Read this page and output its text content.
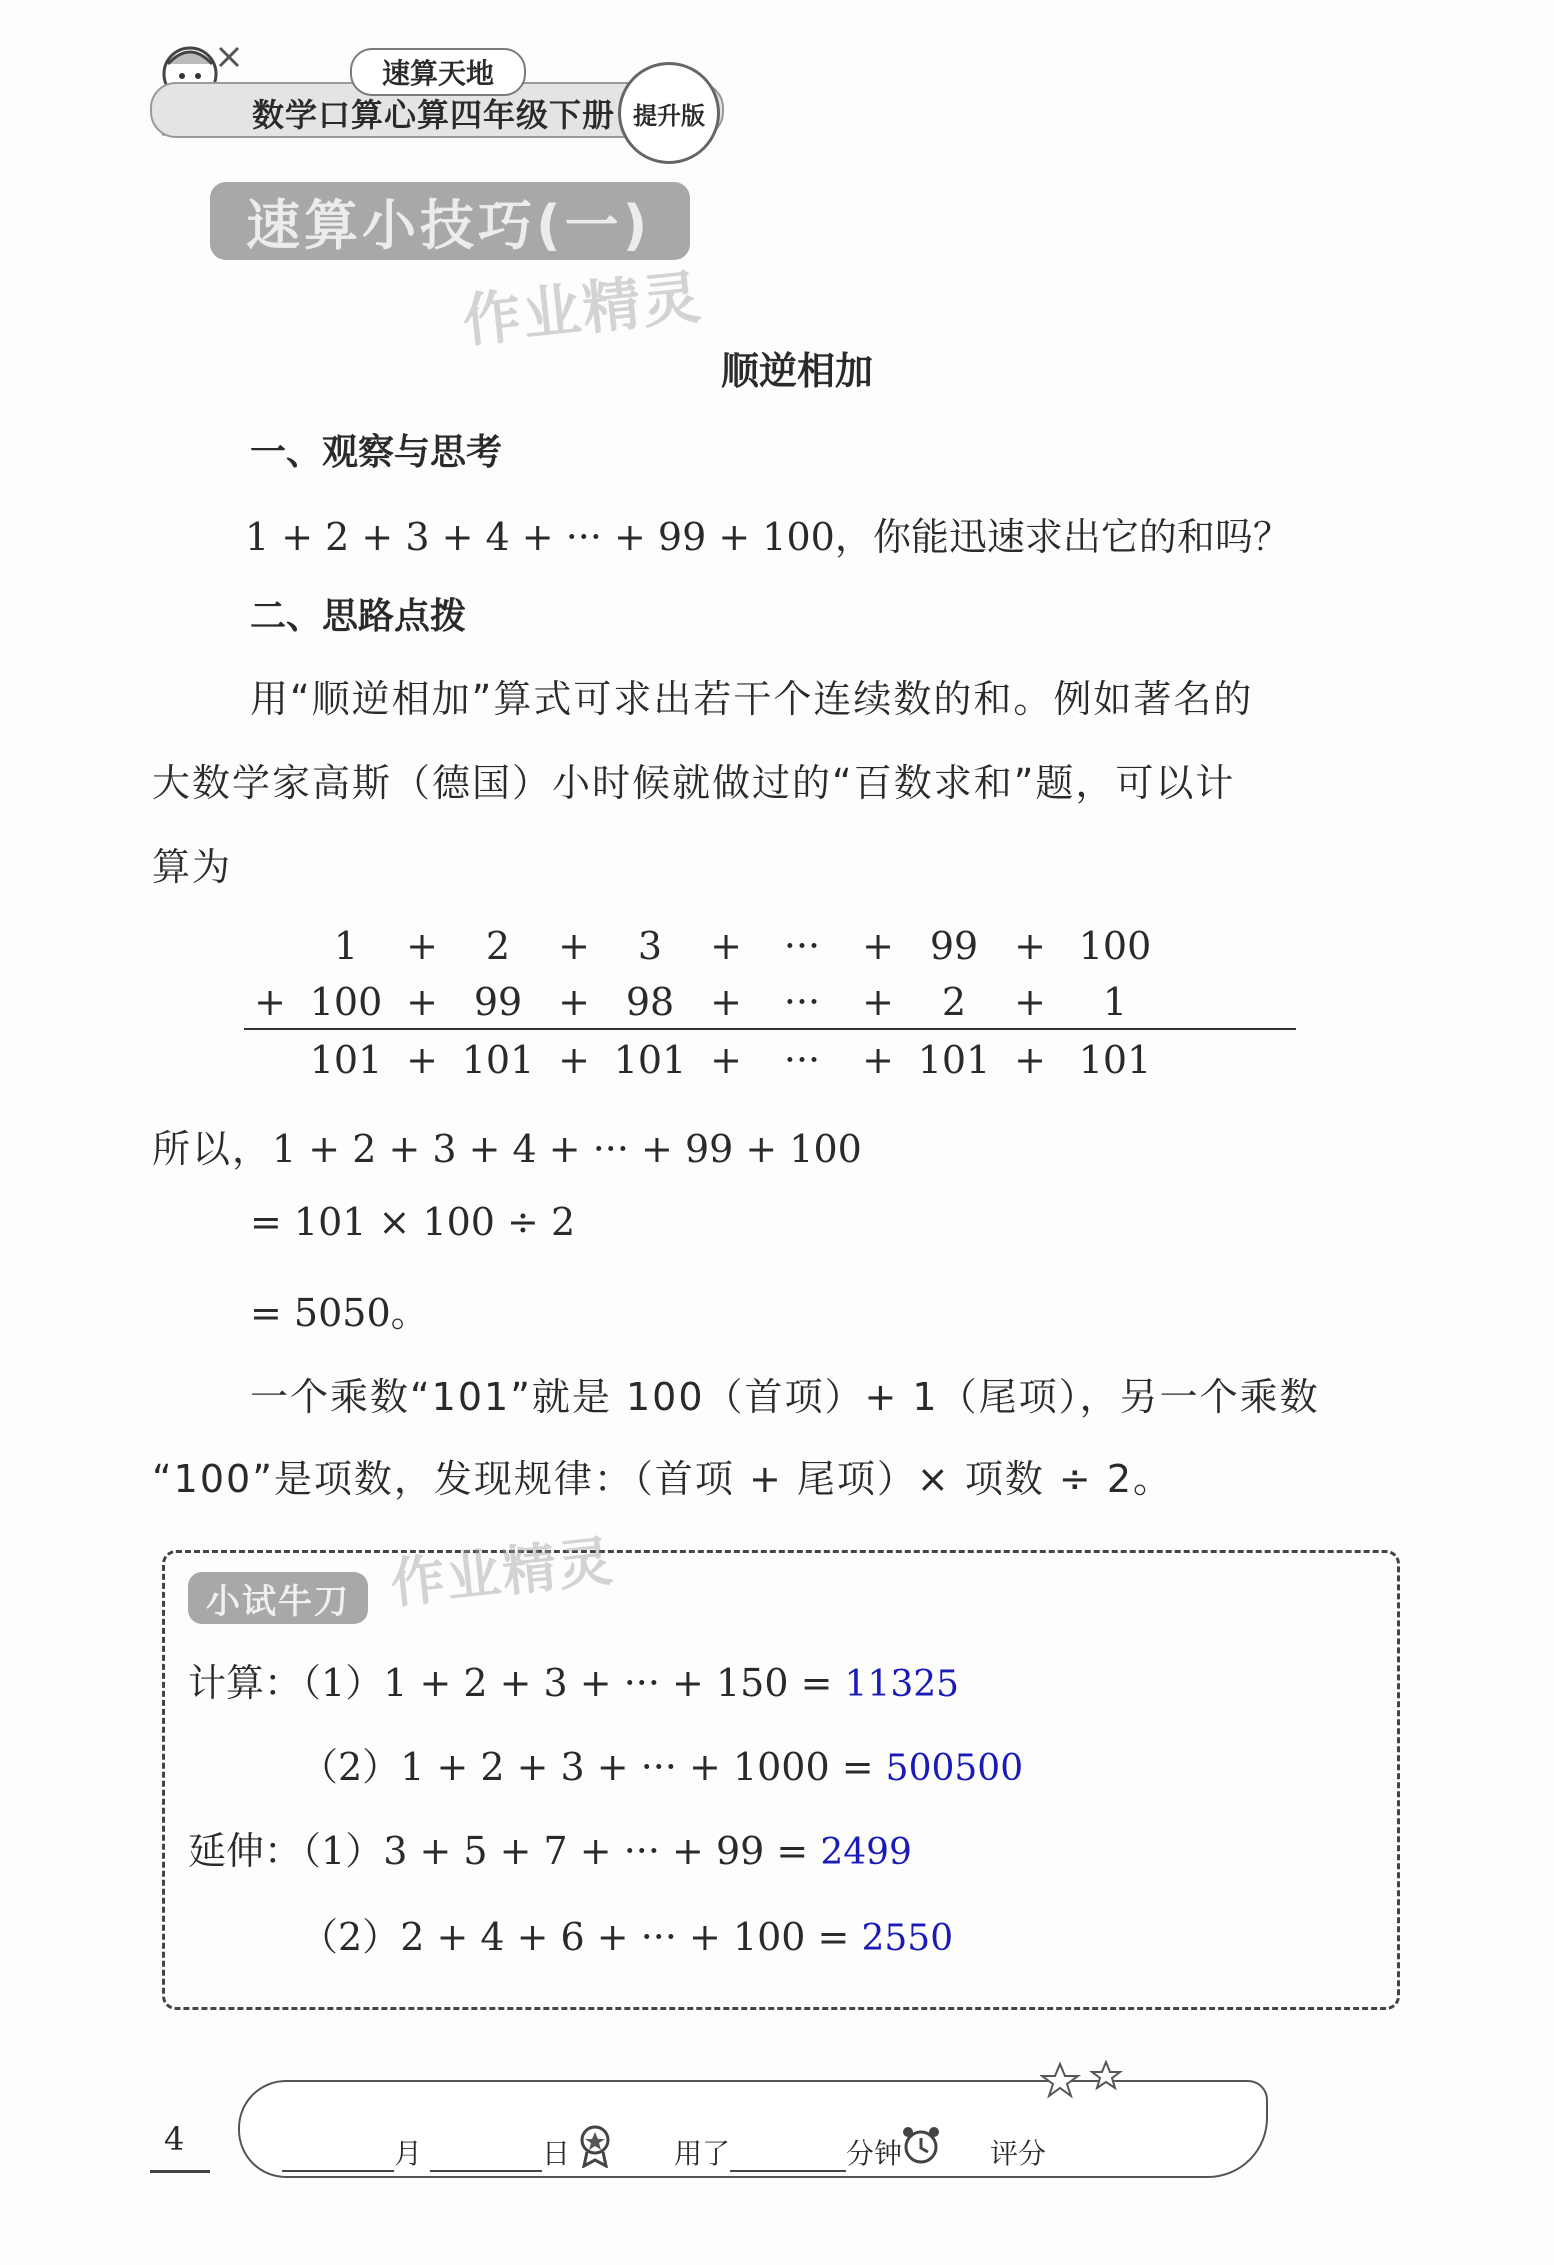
速算天地
数学口算心算四年级下册 提升版
速算小技巧(一)
作业精灵
顺逆相加
一、观察与思考
1 + 2 + 3 + 4 + ··· + 99 + 100，你能迅速求出它的和吗？
二、思路点拨
用“顺逆相加”算式可求出若干个连续数的和。例如著名的
大数学家高斯（德国）小时候就做过的“百数求和”题，可以计
算为
1	+	2	+	3	+	···	+ 99 + 100
+ 100 + 99 + 98 +	···	+	2	+	1
101 + 101 + 101 +	···	+ 101 + 101
所以，1 + 2 + 3 + 4 + ··· + 99 + 100
= 101 × 100 ÷ 2
= 5050。
一个乘数“101”就是 100（首项）+ 1（尾项），另一个乘数
“100”是项数，发现规律：（首项 + 尾项）× 项数 ÷ 2。
小试牛刀 作业精灵
计算：（1）1 + 2 + 3 + ··· + 150 = 11325
（2）1 + 2 + 3 + ··· + 1000 = 500500
延伸：（1）3 + 5 + 7 + ··· + 99 = 2499
（2）2 + 4 + 6 + ··· + 100 = 2550
4	月	日	用了	分钟	评分
